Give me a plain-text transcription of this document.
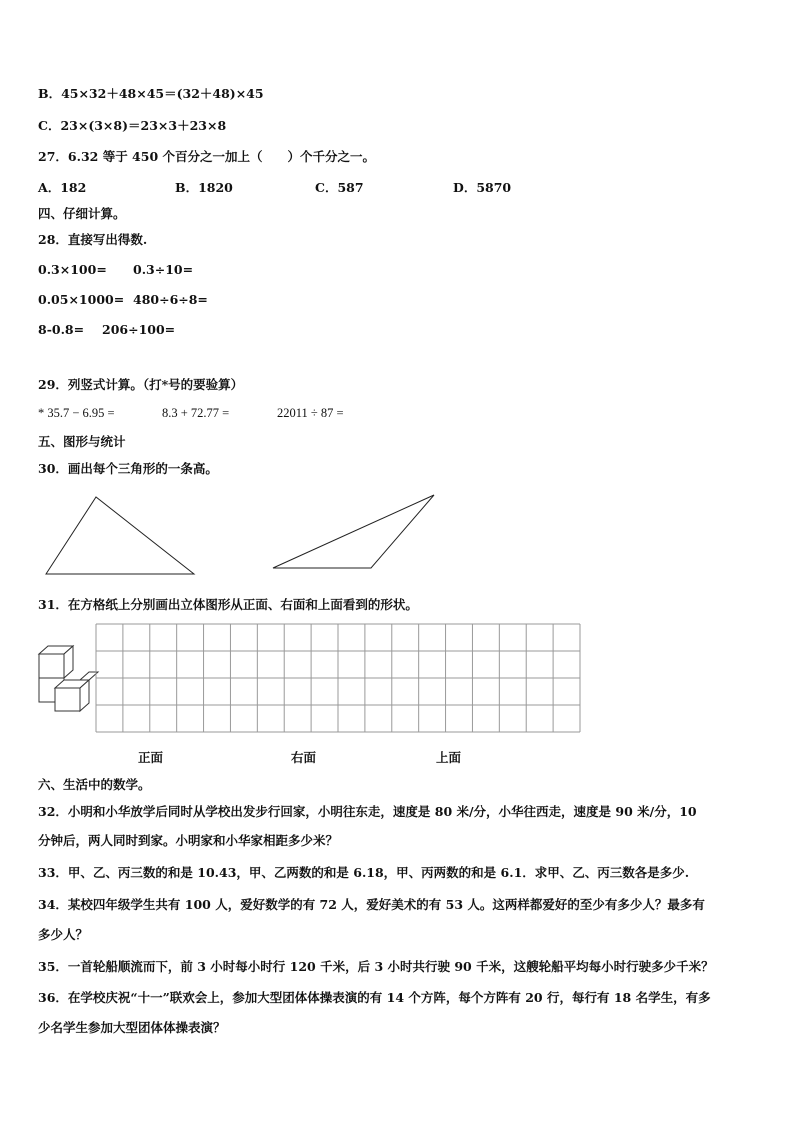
B．45×32＋48×45＝(32＋48)×45
C．23×(3×8)＝23×3＋23×8
27．6.32 等于 450 个百分之一加上（　　）个千分之一。
A．182	B．1820	C．587	D．5870
四、仔细计算。
28．直接写出得数.
0.3×100= 0.3÷10=
0.05×1000= 480÷6÷8=
8-0.8= 206÷100=
29．列竖式计算。（打*号的要验算）
* 35.7 − 6.95 =	8.3 + 72.77 =	22011 ÷ 87 =
五、图形与统计
30．画出每个三角形的一条高。
31．在方格纸上分别画出立体图形从正面、右面和上面看到的形状。
正面	右面	上面
六、生活中的数学。
32．小明和小华放学后同时从学校出发步行回家，小明往东走，速度是 80 米/分，小华往西走，速度是 90 米/分，10
分钟后，两人同时到家。小明家和小华家相距多少米？
33．甲、乙、丙三数的和是 10.43，甲、乙两数的和是 6.18，甲、丙两数的和是 6.1．求甲、乙、丙三数各是多少.
34．某校四年级学生共有 100 人，爱好数学的有 72 人，爱好美术的有 53 人。这两样都爱好的至少有多少人？最多有
多少人？
35．一首轮船顺流而下，前 3 小时每小时行 120 千米，后 3 小时共行驶 90 千米，这艘轮船平均每小时行驶多少千米？
36．在学校庆祝“十一”联欢会上，参加大型团体体操表演的有 14 个方阵，每个方阵有 20 行，每行有 18 名学生，有多
少名学生参加大型团体体操表演？
